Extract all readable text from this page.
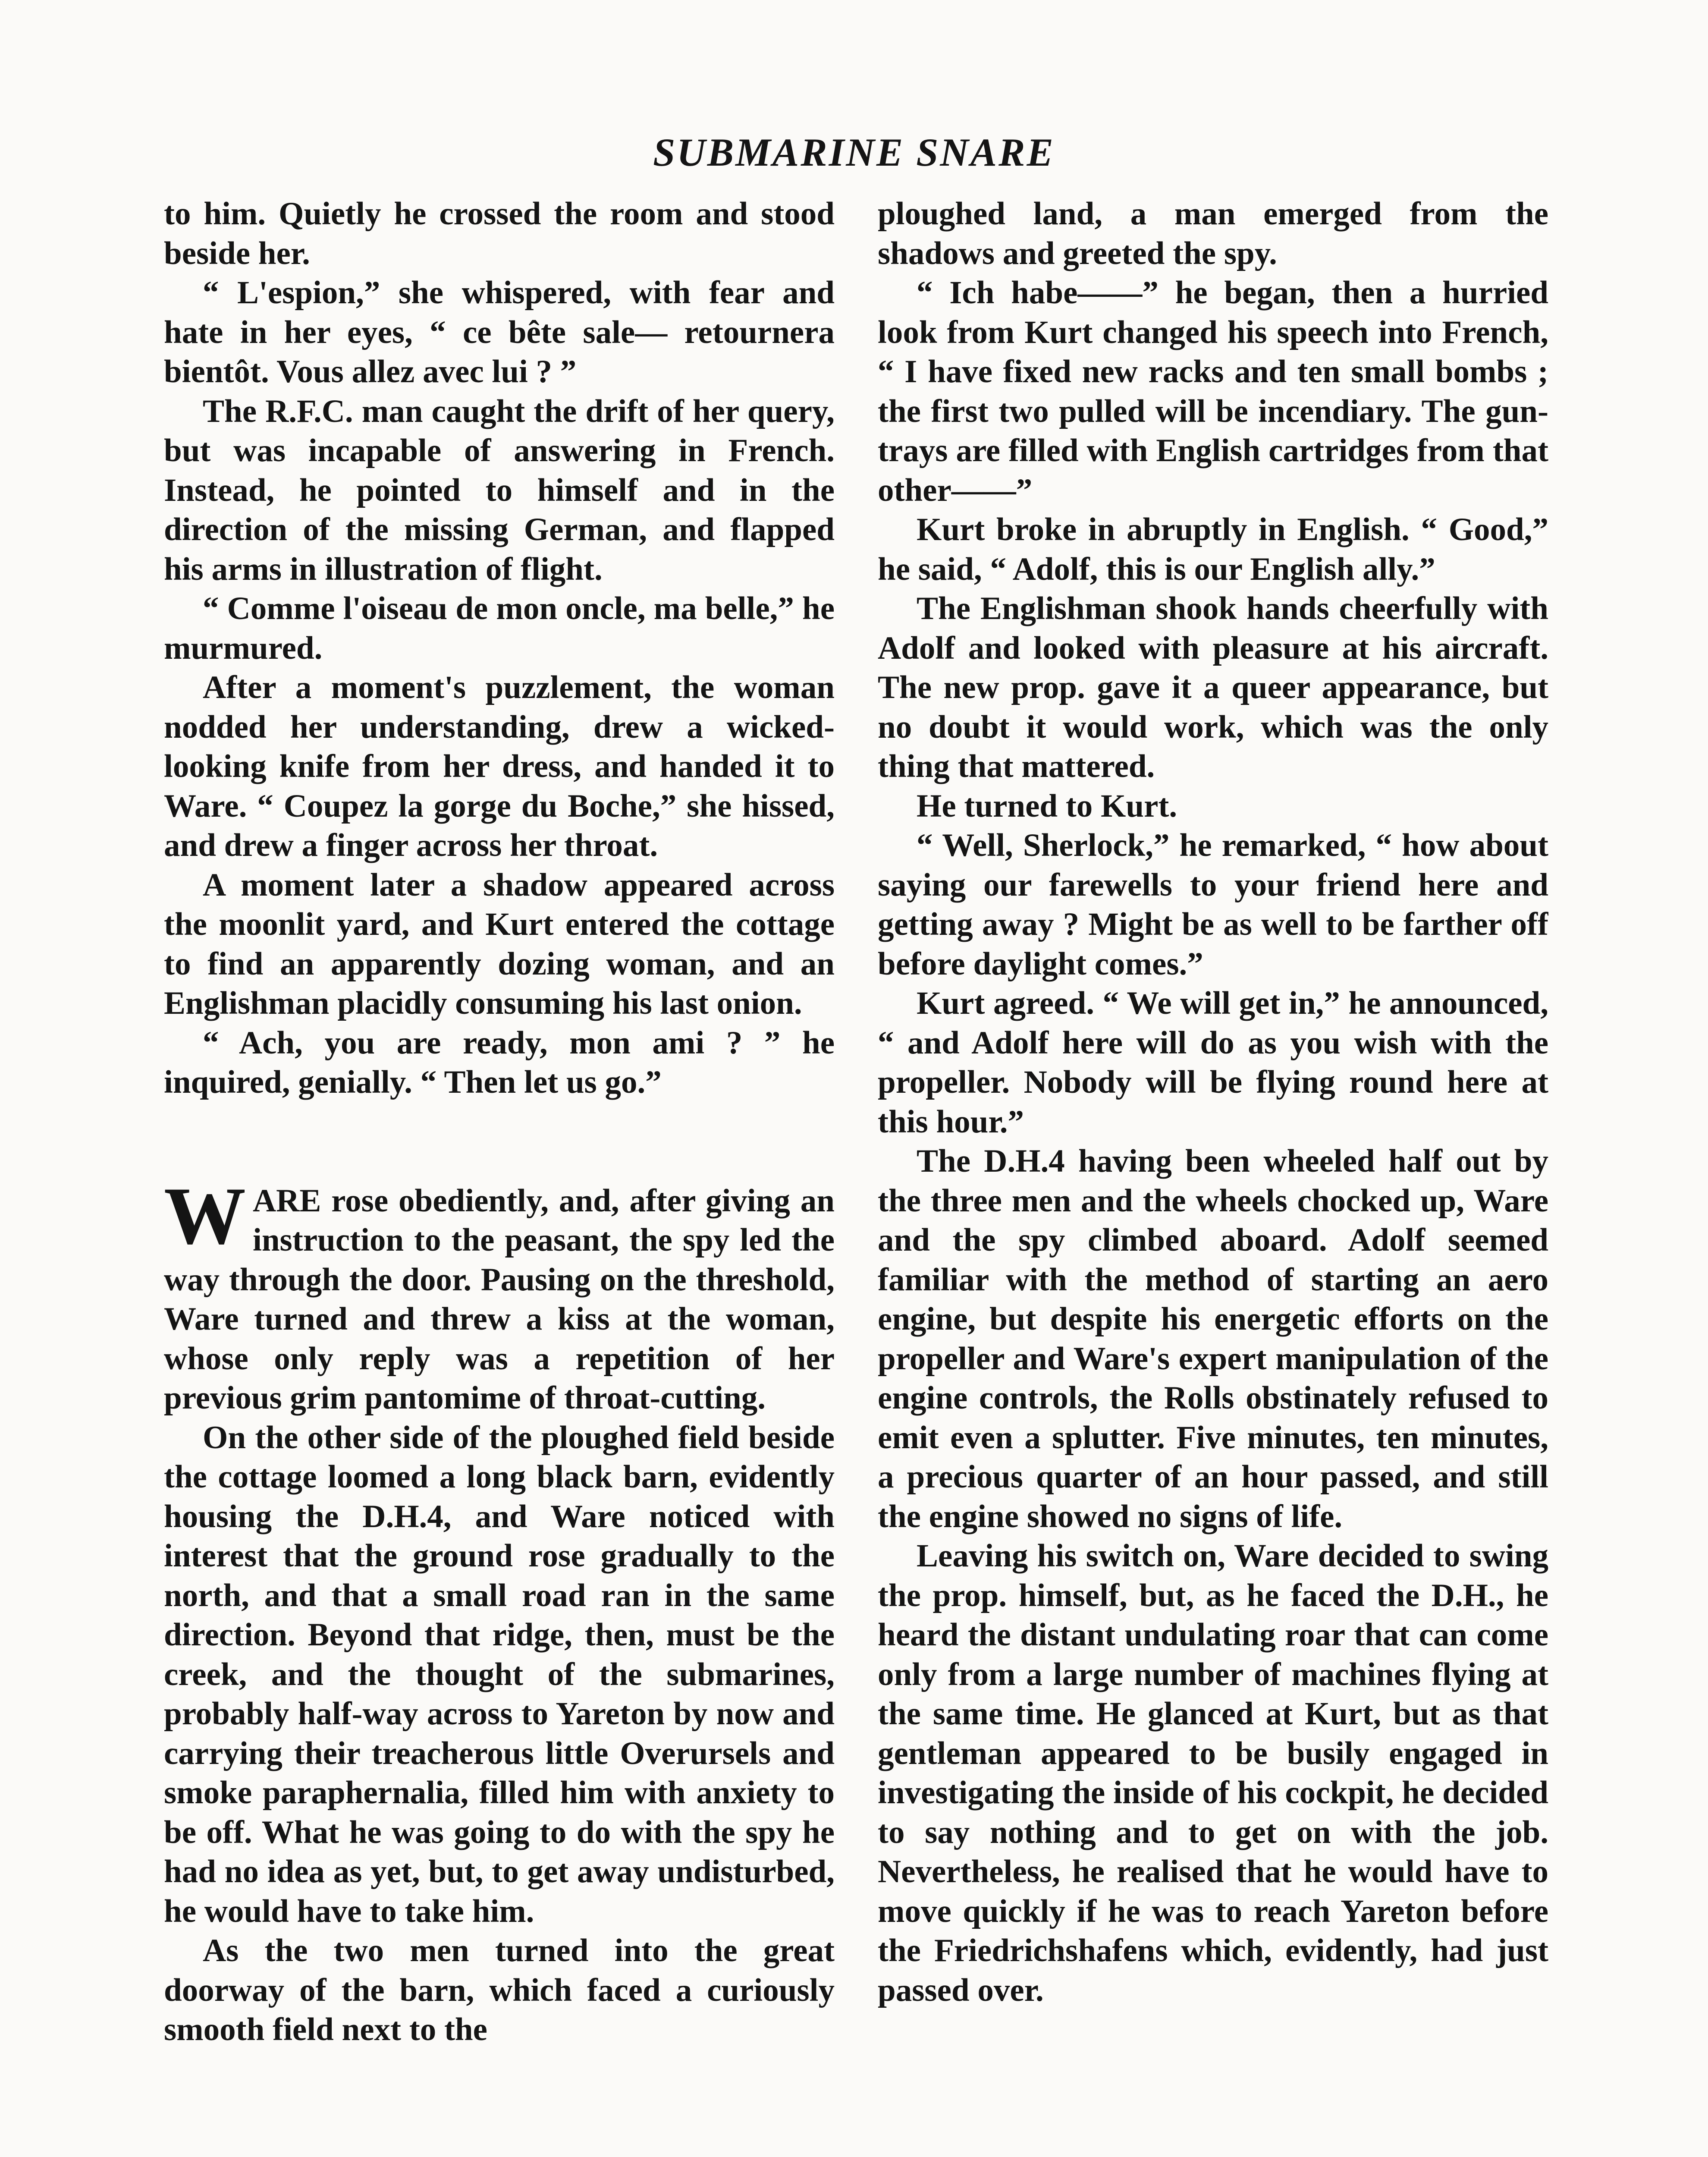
SUBMARINE SNARE

to him. Quietly he crossed the room and stood beside her.

“ L'espion,” she whispered, with fear and hate in her eyes, “ ce bête sale— retournera bientôt. Vous allez avec lui ? ”

The R.F.C. man caught the drift of her query, but was incapable of answering in French. Instead, he pointed to himself and in the direction of the missing German, and flapped his arms in illustration of flight.

“ Comme l'oiseau de mon oncle, ma belle,” he murmured.

After a moment's puzzlement, the woman nodded her understanding, drew a wicked-looking knife from her dress, and handed it to Ware. “ Coupez la gorge du Boche,” she hissed, and drew a finger across her throat.

A moment later a shadow appeared across the moonlit yard, and Kurt entered the cottage to find an apparently dozing woman, and an Englishman placidly consuming his last onion.

“ Ach, you are ready, mon ami ? ” he inquired, genially. “ Then let us go.”

WARE rose obediently, and, after giving an instruction to the peasant, the spy led the way through the door. Pausing on the threshold, Ware turned and threw a kiss at the woman, whose only reply was a repetition of her previous grim pantomime of throat-cutting.

On the other side of the ploughed field beside the cottage loomed a long black barn, evidently housing the D.H.4, and Ware noticed with interest that the ground rose gradually to the north, and that a small road ran in the same direction. Beyond that ridge, then, must be the creek, and the thought of the submarines, probably half-way across to Yareton by now and carrying their treacherous little Overursels and smoke paraphernalia, filled him with anxiety to be off. What he was going to do with the spy he had no idea as yet, but, to get away undisturbed, he would have to take him.

As the two men turned into the great doorway of the barn, which faced a curiously smooth field next to the

ploughed land, a man emerged from the shadows and greeted the spy.

“ Ich habe——” he began, then a hurried look from Kurt changed his speech into French, “ I have fixed new racks and ten small bombs ; the first two pulled will be incendiary. The gun-trays are filled with English cartridges from that other——”

Kurt broke in abruptly in English. “ Good,” he said, “ Adolf, this is our English ally.”

The Englishman shook hands cheerfully with Adolf and looked with pleasure at his aircraft. The new prop. gave it a queer appearance, but no doubt it would work, which was the only thing that mattered.

He turned to Kurt.

“ Well, Sherlock,” he remarked, “ how about saying our farewells to your friend here and getting away ? Might be as well to be farther off before daylight comes.”

Kurt agreed. “ We will get in,” he announced, “ and Adolf here will do as you wish with the propeller. Nobody will be flying round here at this hour.”

The D.H.4 having been wheeled half out by the three men and the wheels chocked up, Ware and the spy climbed aboard. Adolf seemed familiar with the method of starting an aero engine, but despite his energetic efforts on the propeller and Ware's expert manipulation of the engine controls, the Rolls obstinately refused to emit even a splutter. Five minutes, ten minutes, a precious quarter of an hour passed, and still the engine showed no signs of life.

Leaving his switch on, Ware decided to swing the prop. himself, but, as he faced the D.H., he heard the distant undulating roar that can come only from a large number of machines flying at the same time. He glanced at Kurt, but as that gentleman appeared to be busily engaged in investigating the inside of his cockpit, he decided to say nothing and to get on with the job. Nevertheless, he realised that he would have to move quickly if he was to reach Yareton before the Friedrichshafens which, evidently, had just passed over.
